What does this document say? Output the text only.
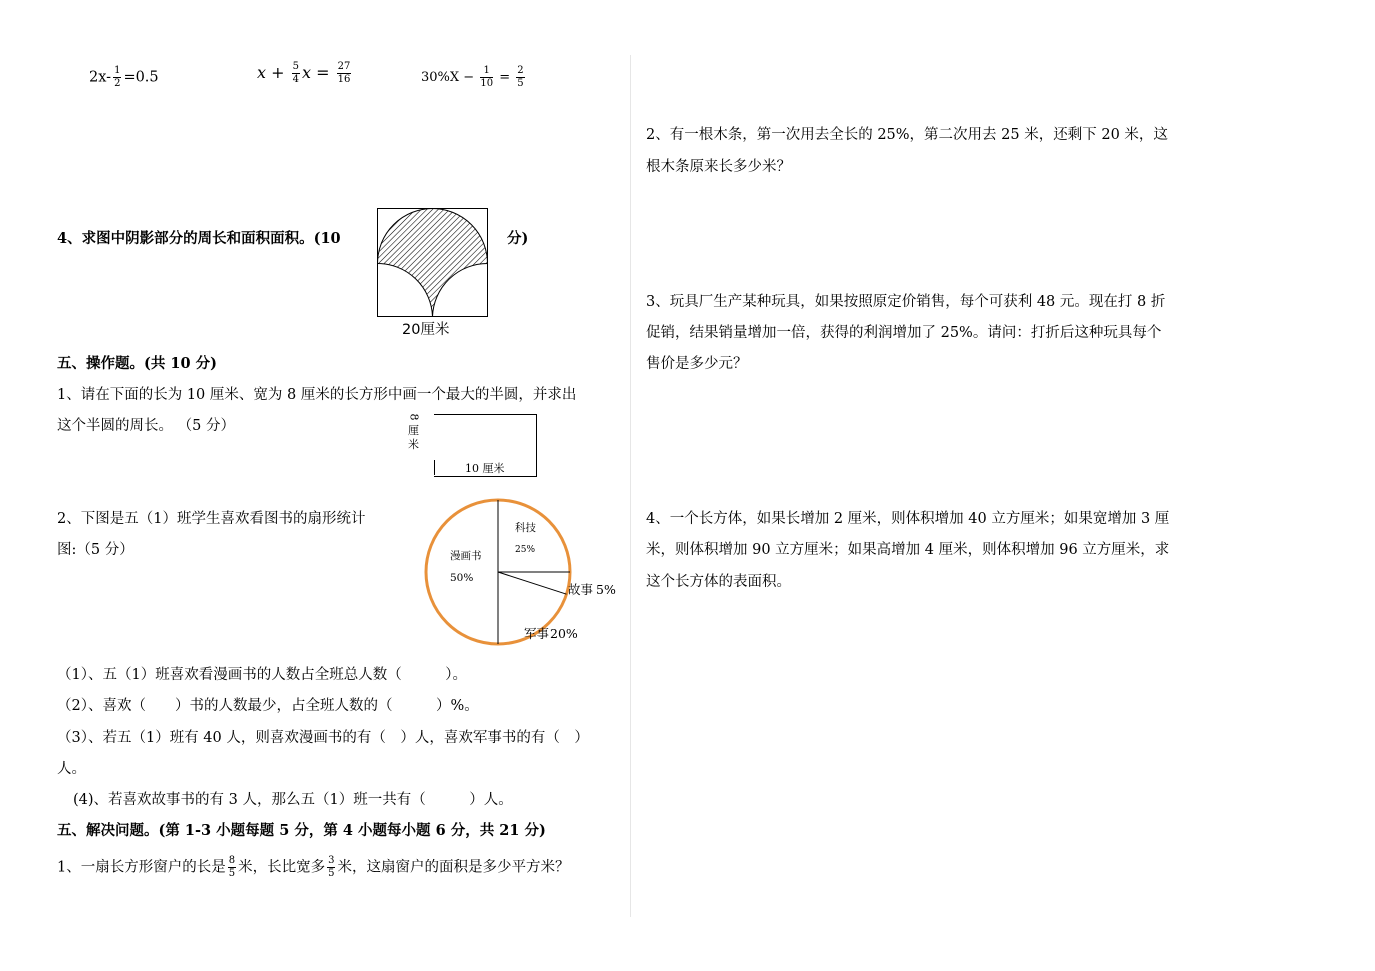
$2x- \frac{1}{2} =0.5$	$x + \frac{5}{4}$ $x = \frac{27}{16}$	$30\%X - \frac{1}{10} = \frac{2}{5}$
4、求图中阴影部分的周长和面积面积。(10	分)
20厘米
五、操作题。(共 10 分)
1、请在下面的长为 10 厘米、宽为 8 厘米的长方形中画一个最大的半圆，并求出
这个半圆的周长。 （5 分）
8
厘
米
10 厘米
2、下图是五（1）班学生喜欢看图书的扇形统计
图:（5 分）	漫画书
50%
科技
25%
故事 5%
军事20%
（1）、五（1）班喜欢看漫画书的人数占全班总人数（　　　）。
（2）、喜欢（　　）书的人数最少，占全班人数的（　　　）%。
（3）、若五（1）班有 40 人，则喜欢漫画书的有（　）人，喜欢军事书的有（　）
人。
(4)、若喜欢故事书的有 3 人，那么五（1）班一共有（　　　）人。
五、解决问题。(第 1-3 小题每题 5 分，第 4 小题每小题 6 分，共 21 分)
1、一扇长方形窗户的长是 $\frac{8}{5}$ 米，长比宽多 $\frac{3}{5}$ 米，这扇窗户的面积是多少平方米？
2、有一根木条，第一次用去全长的 25%，第二次用去 25 米，还剩下 20 米，这
根木条原来长多少米？
3、玩具厂生产某种玩具，如果按照原定价销售，每个可获利 48 元。现在打 8 折
促销，结果销量增加一倍，获得的利润增加了 25%。请问：打折后这种玩具每个
售价是多少元？
4、一个长方体，如果长增加 2 厘米，则体积增加 40 立方厘米；如果宽增加 3 厘
米，则体积增加 90 立方厘米；如果高增加 4 厘米，则体积增加 96 立方厘米，求
这个长方体的表面积。
